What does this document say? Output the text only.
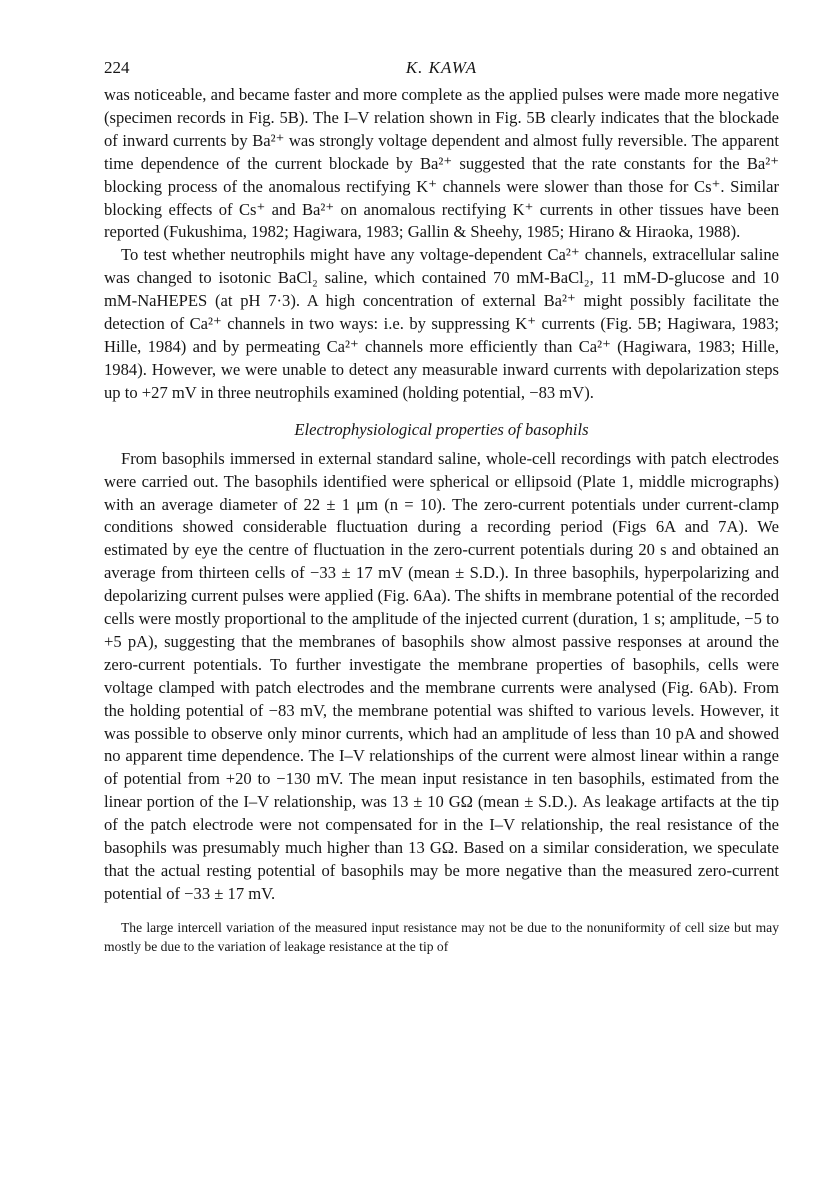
224	K. KAWA

was noticeable, and became faster and more complete as the applied pulses were made more negative (specimen records in Fig. 5B). The I–V relation shown in Fig. 5B clearly indicates that the blockade of inward currents by Ba²⁺ was strongly voltage dependent and almost fully reversible. The apparent time dependence of the current blockade by Ba²⁺ suggested that the rate constants for the Ba²⁺ blocking process of the anomalous rectifying K⁺ channels were slower than those for Cs⁺. Similar blocking effects of Cs⁺ and Ba²⁺ on anomalous rectifying K⁺ currents in other tissues have been reported (Fukushima, 1982; Hagiwara, 1983; Gallin & Sheehy, 1985; Hirano & Hiraoka, 1988).

To test whether neutrophils might have any voltage-dependent Ca²⁺ channels, extracellular saline was changed to isotonic BaCl₂ saline, which contained 70 mM-BaCl₂, 11 mM-D-glucose and 10 mM-NaHEPES (at pH 7·3). A high concentration of external Ba²⁺ might possibly facilitate the detection of Ca²⁺ channels in two ways: i.e. by suppressing K⁺ currents (Fig. 5B; Hagiwara, 1983; Hille, 1984) and by permeating Ca²⁺ channels more efficiently than Ca²⁺ (Hagiwara, 1983; Hille, 1984). However, we were unable to detect any measurable inward currents with depolarization steps up to +27 mV in three neutrophils examined (holding potential, −83 mV).

Electrophysiological properties of basophils

From basophils immersed in external standard saline, whole-cell recordings with patch electrodes were carried out. The basophils identified were spherical or ellipsoid (Plate 1, middle micrographs) with an average diameter of 22 ± 1 μm (n = 10). The zero-current potentials under current-clamp conditions showed considerable fluctuation during a recording period (Figs 6A and 7A). We estimated by eye the centre of fluctuation in the zero-current potentials during 20 s and obtained an average from thirteen cells of −33 ± 17 mV (mean ± S.D.). In three basophils, hyperpolarizing and depolarizing current pulses were applied (Fig. 6Aa). The shifts in membrane potential of the recorded cells were mostly proportional to the amplitude of the injected current (duration, 1 s; amplitude, −5 to +5 pA), suggesting that the membranes of basophils show almost passive responses at around the zero-current potentials. To further investigate the membrane properties of basophils, cells were voltage clamped with patch electrodes and the membrane currents were analysed (Fig. 6Ab). From the holding potential of −83 mV, the membrane potential was shifted to various levels. However, it was possible to observe only minor currents, which had an amplitude of less than 10 pA and showed no apparent time dependence. The I–V relationships of the current were almost linear within a range of potential from +20 to −130 mV. The mean input resistance in ten basophils, estimated from the linear portion of the I–V relationship, was 13 ± 10 GΩ (mean ± S.D.). As leakage artifacts at the tip of the patch electrode were not compensated for in the I–V relationship, the real resistance of the basophils was presumably much higher than 13 GΩ. Based on a similar consideration, we speculate that the actual resting potential of basophils may be more negative than the measured zero-current potential of −33 ± 17 mV.

The large intercell variation of the measured input resistance may not be due to the nonuniformity of cell size but may mostly be due to the variation of leakage resistance at the tip of
